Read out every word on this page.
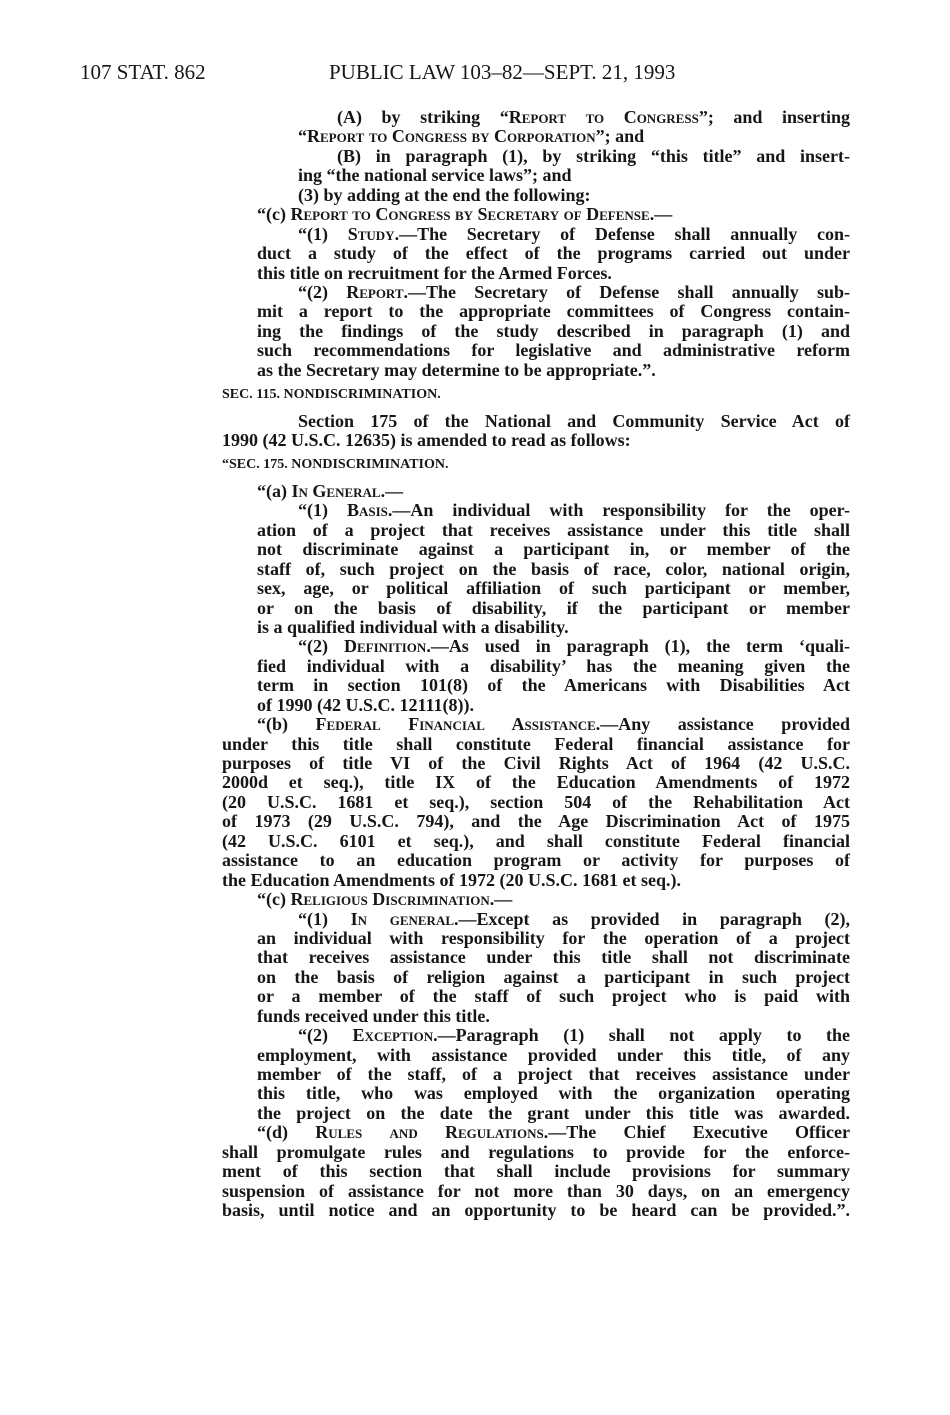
107 STAT. 862	PUBLIC LAW 103–82—SEPT. 21, 1993
(A) by striking “Report to Congress”; and inserting
“Report to Congress by Corporation”; and
(B) in paragraph (1), by striking “this title” and insert-
ing “the national service laws”; and
(3) by adding at the end the following:
“(c) Report to Congress by Secretary of Defense.—
“(1) Study.—The Secretary of Defense shall annually con-
duct a study of the effect of the programs carried out under
this title on recruitment for the Armed Forces.
“(2) Report.—The Secretary of Defense shall annually sub-
mit a report to the appropriate committees of Congress contain-
ing the findings of the study described in paragraph (1) and
such recommendations for legislative and administrative reform
as the Secretary may determine to be appropriate.”.
SEC. 115. NONDISCRIMINATION.
Section 175 of the National and Community Service Act of
1990 (42 U.S.C. 12635) is amended to read as follows:
“SEC. 175. NONDISCRIMINATION.
“(a) In General.—
“(1) Basis.—An individual with responsibility for the oper-
ation of a project that receives assistance under this title shall
not discriminate against a participant in, or member of the
staff of, such project on the basis of race, color, national origin,
sex, age, or political affiliation of such participant or member,
or on the basis of disability, if the participant or member
is a qualified individual with a disability.
“(2) Definition.—As used in paragraph (1), the term ‘quali-
fied individual with a disability’ has the meaning given the
term in section 101(8) of the Americans with Disabilities Act
of 1990 (42 U.S.C. 12111(8)).
“(b) Federal Financial Assistance.—Any assistance provided
under this title shall constitute Federal financial assistance for
purposes of title VI of the Civil Rights Act of 1964 (42 U.S.C.
2000d et seq.), title IX of the Education Amendments of 1972
(20 U.S.C. 1681 et seq.), section 504 of the Rehabilitation Act
of 1973 (29 U.S.C. 794), and the Age Discrimination Act of 1975
(42 U.S.C. 6101 et seq.), and shall constitute Federal financial
assistance to an education program or activity for purposes of
the Education Amendments of 1972 (20 U.S.C. 1681 et seq.).
“(c) Religious Discrimination.—
“(1) In general.—Except as provided in paragraph (2),
an individual with responsibility for the operation of a project
that receives assistance under this title shall not discriminate
on the basis of religion against a participant in such project
or a member of the staff of such project who is paid with
funds received under this title.
“(2) Exception.—Paragraph (1) shall not apply to the
employment, with assistance provided under this title, of any
member of the staff, of a project that receives assistance under
this title, who was employed with the organization operating
the project on the date the grant under this title was awarded.
“(d) Rules and Regulations.—The Chief Executive Officer
shall promulgate rules and regulations to provide for the enforce-
ment of this section that shall include provisions for summary
suspension of assistance for not more than 30 days, on an emergency
basis, until notice and an opportunity to be heard can be provided.”.
